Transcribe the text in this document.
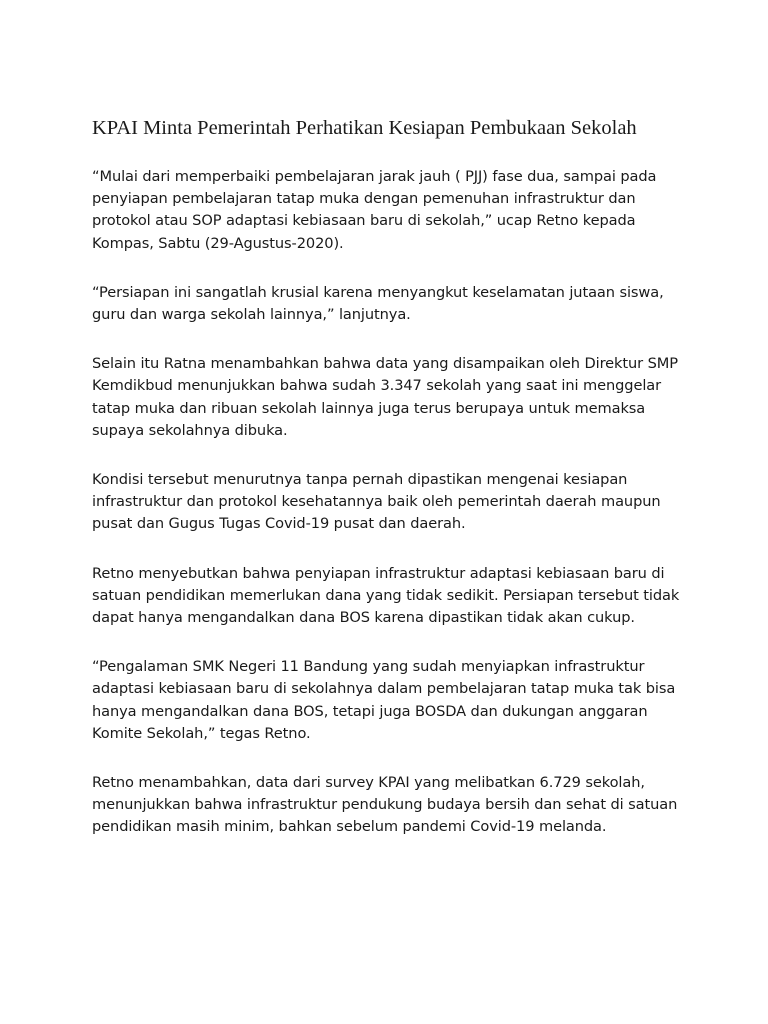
KPAI Minta Pemerintah Perhatikan Kesiapan Pembukaan Sekolah

“Mulai dari memperbaiki pembelajaran jarak jauh ( PJJ) fase dua, sampai pada penyiapan pembelajaran tatap muka dengan pemenuhan infrastruktur dan protokol atau SOP adaptasi kebiasaan baru di sekolah,” ucap Retno kepada Kompas, Sabtu (29-Agustus-2020).

“Persiapan ini sangatlah krusial karena menyangkut keselamatan jutaan siswa, guru dan warga sekolah lainnya,” lanjutnya.

Selain itu Ratna menambahkan bahwa data yang disampaikan oleh Direktur SMP Kemdikbud menunjukkan bahwa sudah 3.347 sekolah yang saat ini menggelar tatap muka dan ribuan sekolah lainnya juga terus berupaya untuk memaksa supaya sekolahnya dibuka.

Kondisi tersebut menurutnya tanpa pernah dipastikan mengenai kesiapan infrastruktur dan protokol kesehatannya baik oleh pemerintah daerah maupun pusat dan Gugus Tugas Covid-19 pusat dan daerah.

Retno menyebutkan bahwa penyiapan infrastruktur adaptasi kebiasaan baru di satuan pendidikan memerlukan dana yang tidak sedikit. Persiapan tersebut tidak dapat hanya mengandalkan dana BOS karena dipastikan tidak akan cukup.

“Pengalaman SMK Negeri 11 Bandung yang sudah menyiapkan infrastruktur adaptasi kebiasaan baru di sekolahnya dalam pembelajaran tatap muka tak bisa hanya mengandalkan dana BOS, tetapi juga BOSDA dan dukungan anggaran Komite Sekolah,” tegas Retno.

Retno menambahkan, data dari survey KPAI yang melibatkan 6.729 sekolah, menunjukkan bahwa infrastruktur pendukung budaya bersih dan sehat di satuan pendidikan masih minim, bahkan sebelum pandemi Covid-19 melanda.
